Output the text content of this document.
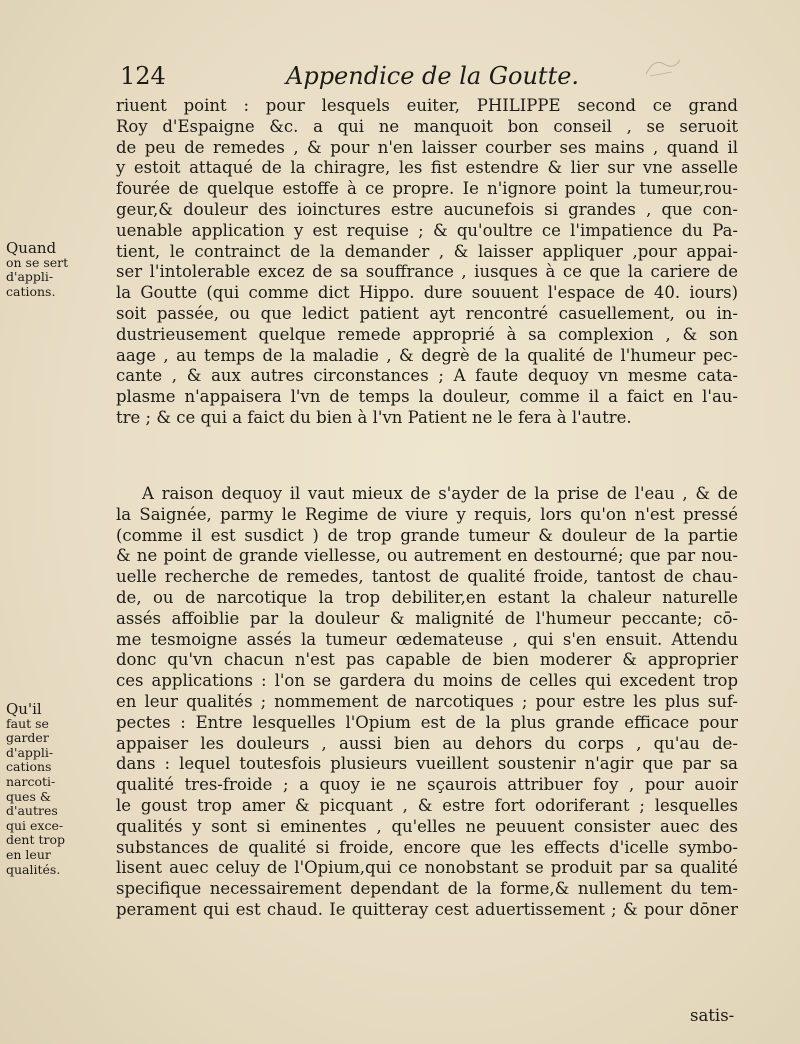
124	Appendice de la Goutte.
Quand
on se sert
d'appli-
cations.
Qu'il
faut se
garder
d'appli-
cations
narcoti-
ques &
d'autres
qui exce-
dent trop
en leur
qualités.
riuent point : pour lesquels euiter, PHILIPPE second ce grand
Roy d'Espaigne &c. a qui ne manquoit bon conseil , se seruoit
de peu de remedes , & pour n'en laisser courber ses mains , quand il
y estoit attaqué de la chiragre, les fist estendre & lier sur vne asselle
fourée de quelque estoffe à ce propre. Ie n'ignore point la tumeur,rou-
geur,& douleur des ioinctures estre aucunefois si grandes , que con-
uenable application y est requise ; & qu'oultre ce l'impatience du Pa-
tient, le contrainct de la demander , & laisser appliquer ,pour appai-
ser l'intolerable excez de sa souffrance , iusques à ce que la cariere de
la Goutte (qui comme dict Hippo. dure souuent l'espace de 40. iours)
soit passée, ou que ledict patient ayt rencontré casuellement, ou in-
dustrieusement quelque remede approprié à sa complexion , & son
aage , au temps de la maladie , & degrè de la qualité de l'humeur pec-
cante , & aux autres circonstances ; A faute dequoy vn mesme cata-
plasme n'appaisera l'vn de temps la douleur, comme il a faict en l'au-
tre ; & ce qui a faict du bien à l'vn Patient ne le fera à l'autre.
A raison dequoy il vaut mieux de s'ayder de la prise de l'eau , & de
la Saignée, parmy le Regime de viure y requis, lors qu'on n'est pressé
(comme il est susdict ) de trop grande tumeur & douleur de la partie
& ne point de grande viellesse, ou autrement en destourné; que par nou-
uelle recherche de remedes, tantost de qualité froide, tantost de chau-
de, ou de narcotique la trop debiliter,en estant la chaleur naturelle
assés affoiblie par la douleur & malignité de l'humeur peccante; cō-
me tesmoigne assés la tumeur œdemateuse , qui s'en ensuit. Attendu
donc qu'vn chacun n'est pas capable de bien moderer & approprier
ces applications : l'on se gardera du moins de celles qui excedent trop
en leur qualités ; nommement de narcotiques ; pour estre les plus suf-
pectes : Entre lesquelles l'Opium est de la plus grande efficace pour
appaiser les douleurs , aussi bien au dehors du corps , qu'au de-
dans : lequel toutesfois plusieurs vueillent soustenir n'agir que par sa
qualité tres-froide ; a quoy ie ne sçaurois attribuer foy , pour auoir
le goust trop amer & picquant , & estre fort odoriferant ; lesquelles
qualités y sont si eminentes , qu'elles ne peuuent consister auec des
substances de qualité si froide, encore que les effects d'icelle symbo-
lisent auec celuy de l'Opium,qui ce nonobstant se produit par sa qualité
specifique necessairement dependant de la forme,& nullement du tem-
perament qui est chaud. Ie quitteray cest aduertissement ; & pour dōner
satis-
